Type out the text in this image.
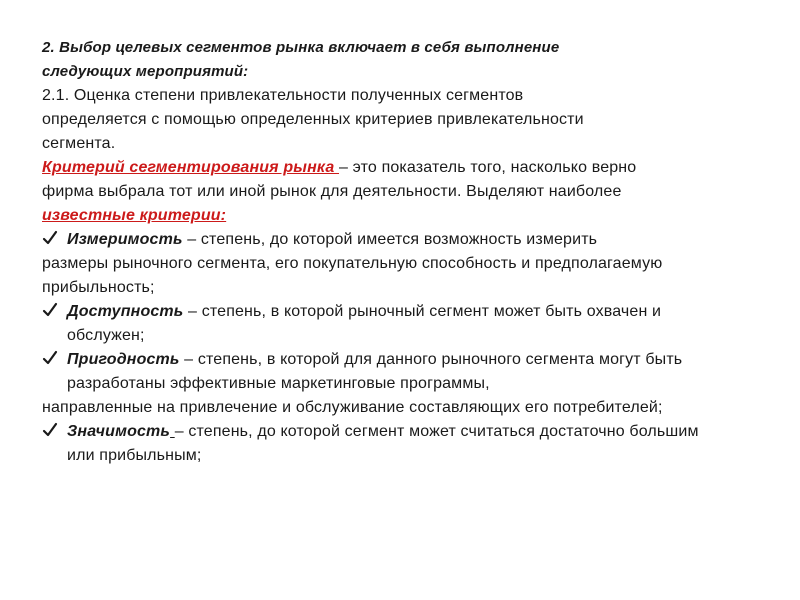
2. Выбор целевых сегментов рынка включает в себя выполнение
следующих мероприятий:
2.1. Оценка степени привлекательности полученных сегментов
определяется с помощью определенных критериев привлекательности
сегмента.
Критерий сегментирования рынка – это показатель того, насколько верно
фирма выбрала тот или иной рынок для деятельности. Выделяют наиболее
известные критерии:
Измеримость – степень, до которой имеется возможность измерить
размеры рыночного сегмента, его покупательную способность и предполагаемую
прибыльность;
Доступность – степень, в которой рыночный сегмент может быть охвачен и
обслужен;
Пригодность – степень, в которой для данного рыночного сегмента могут быть
разработаны эффективные маркетинговые программы,
направленные на привлечение и обслуживание составляющих его потребителей;
Значимость – степень, до которой сегмент может считаться достаточно большим
или прибыльным;
